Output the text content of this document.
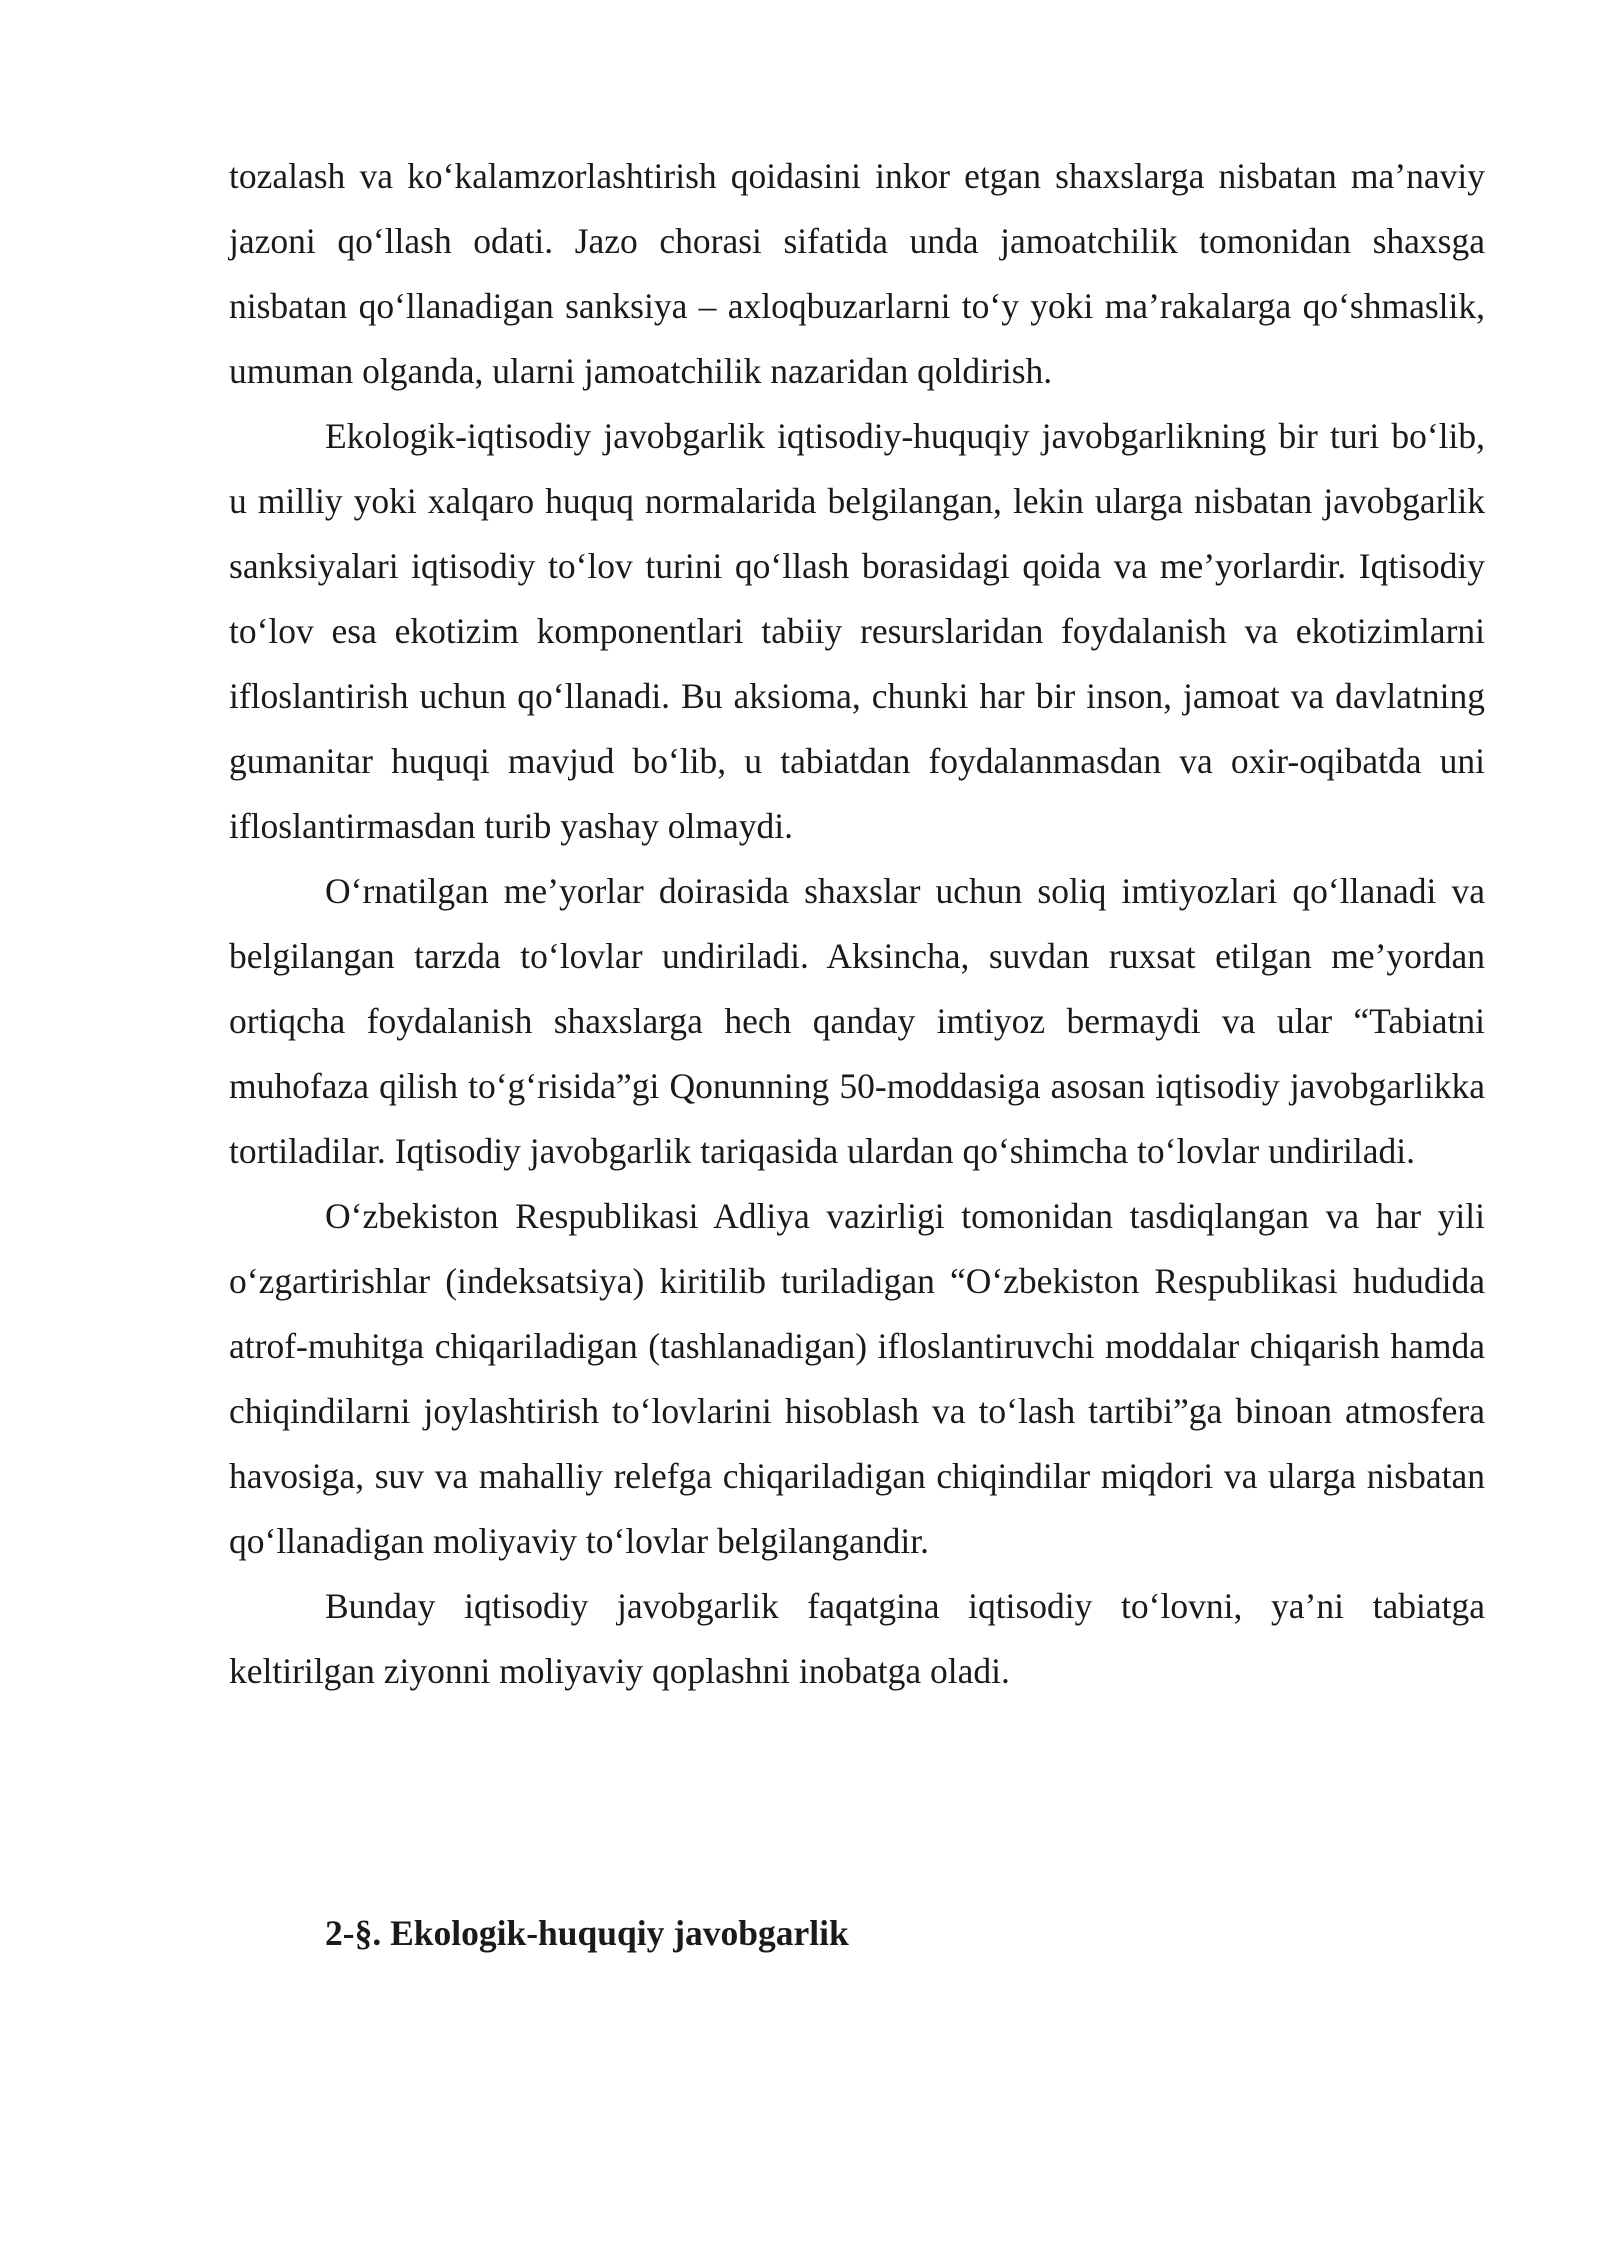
tozalash va ko‘kalamzorlashtirish qoidasini inkor etgan shaxslarga nisbatan ma’naviy jazoni qo‘llash odati. Jazo chorasi sifatida unda jamoatchilik tomonidan shaxsga nisbatan qo‘llanadigan sanksiya – axloqbuzarlarni to‘y yoki ma’rakalarga qo‘shmaslik, umuman olganda, ularni jamoatchilik nazaridan qoldirish.

Ekologik-iqtisodiy javobgarlik iqtisodiy-huquqiy javobgarlikning bir turi bo‘lib, u milliy yoki xalqaro huquq normalarida belgilangan, lekin ularga nisbatan javobgarlik sanksiyalari iqtisodiy to‘lov turini qo‘llash borasidagi qoida va me’yorlardir. Iqtisodiy to‘lov esa ekotizim komponentlari tabiiy resurslaridan foydalanish va ekotizimlarni ifloslantirish uchun qo‘llanadi. Bu aksioma, chunki har bir inson, jamoat va davlatning gumanitar huquqi mavjud bo‘lib, u tabiatdan foydalanmasdan va oxir-oqibatda uni ifloslantirmasdan turib yashay olmaydi.

O‘rnatilgan me’yorlar doirasida shaxslar uchun soliq imtiyozlari qo‘llanadi va belgilangan tarzda to‘lovlar undiriladi. Aksincha, suvdan ruxsat etilgan me’yordan ortiqcha foydalanish shaxslarga hech qanday imtiyoz bermaydi va ular “Tabiatni muhofaza qilish to‘g‘risida”gi Qonunning 50-moddasiga asosan iqtisodiy javobgarlikka tortiladilar. Iqtisodiy javobgarlik tariqasida ulardan qo‘shimcha to‘lovlar undiriladi.

O‘zbekiston Respublikasi Adliya vazirligi tomonidan tasdiqlangan va har yili o‘zgartirishlar (indeksatsiya) kiritilib turiladigan “O‘zbekiston Respublikasi hududida atrof-muhitga chiqariladigan (tashlanadigan) ifloslantiruvchi moddalar chiqarish hamda chiqindilarni joylashtirish to‘lovlarini hisoblash va to‘lash tartibi”ga binoan atmosfera havosiga, suv va mahalliy relefga chiqariladigan chiqindilar miqdori va ularga nisbatan qo‘llanadigan moliyaviy to‘lovlar belgilangandir.

Bunday iqtisodiy javobgarlik faqatgina iqtisodiy to‘lovni, ya’ni tabiatga keltirilgan ziyonni moliyaviy qoplashni inobatga oladi.

2-§. Ekologik-huquqiy javobgarlik
